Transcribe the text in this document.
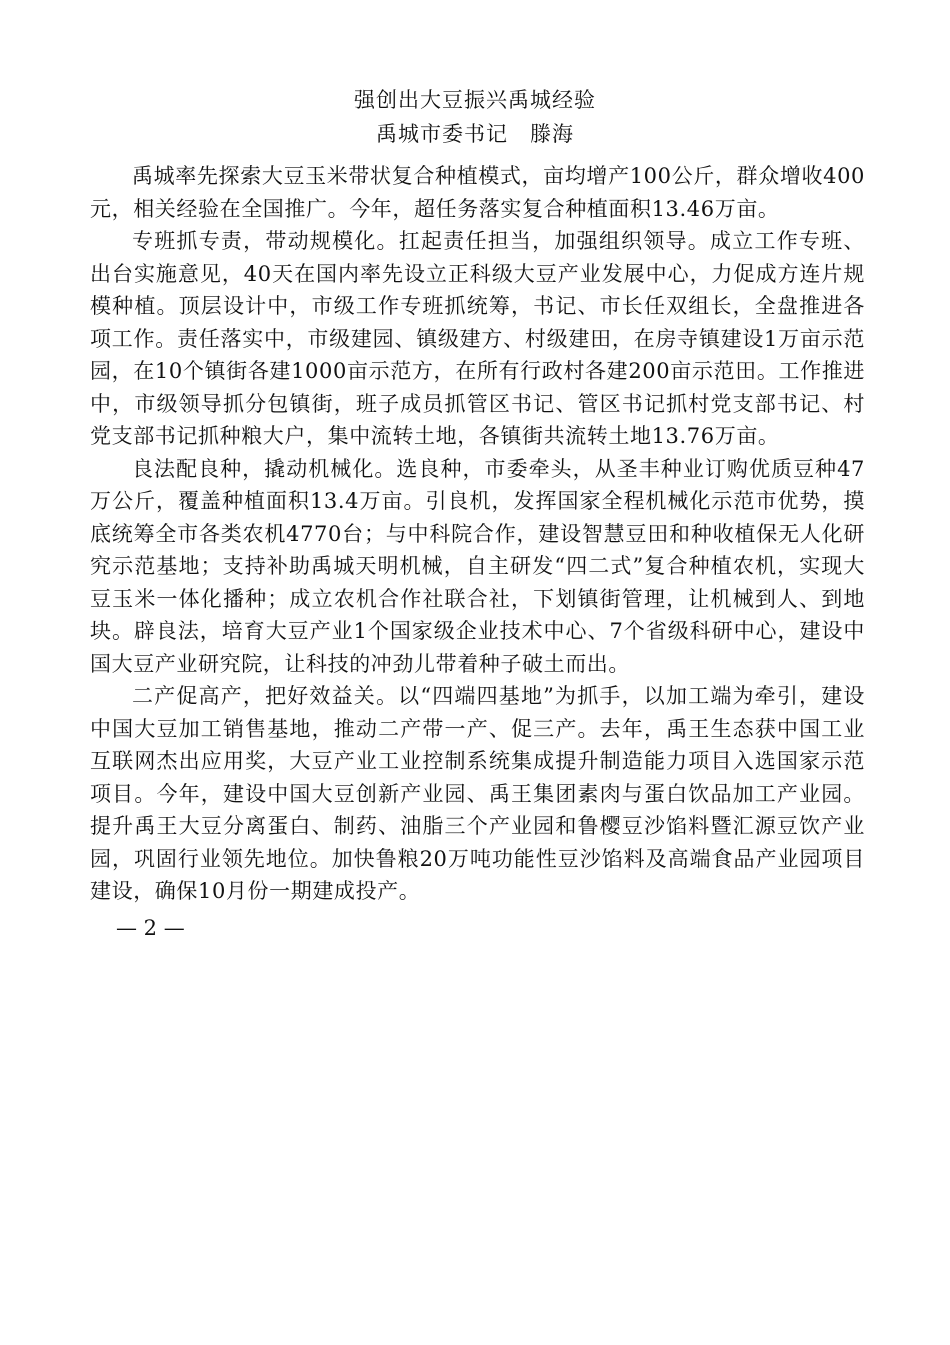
强创出大豆振兴禹城经验
禹城市委书记　滕海

禹城率先探索大豆玉米带状复合种植模式，亩均增产100公斤，群众增收400 元，相关经验在全国推广。今年，超任务落实复合种植面积13.46万亩。

专班抓专责，带动规模化。扛起责任担当，加强组织领导。成立工作专班、出台实施意见，40天在国内率先设立正科级大豆产业发展中心，力促成方连片规模种植。顶层设计中，市级工作专班抓统筹，书记、市长任双组长，全盘推进各项工作。责任落实中，市级建园、镇级建方、村级建田，在房寺镇建设1万亩示范园，在10个镇街各建1000亩示范方，在所有行政村各建200亩示范田。工作推进中，市级领导抓分包镇街，班子成员抓管区书记、管区书记抓村党支部书记、村党支部书记抓种粮大户，集中流转土地，各镇街共流转土地13.76万亩。

良法配良种，撬动机械化。选良种，市委牵头，从圣丰种业订购优质豆种47万公斤，覆盖种植面积13.4万亩。引良机，发挥国家全程机械化示范市优势，摸底统筹全市各类农机4770台；与中科院合作，建设智慧豆田和种收植保无人化研究示范基地；支持补助禹城天明机械，自主研发“四二式”复合种植农机，实现大豆玉米一体化播种；成立农机合作社联合社，下划镇街管理，让机械到人、到地块。辟良法，培育大豆产业1个国家级企业技术中心、7个省级科研中心，建设中国大豆产业研究院，让科技的冲劲儿带着种子破土而出。

二产促高产，把好效益关。以“四端四基地”为抓手，以加工端为牵引，建设中国大豆加工销售基地，推动二产带一产、促三产。去年，禹王生态获中国工业互联网杰出应用奖，大豆产业工业控制系统集成提升制造能力项目入选国家示范项目。今年，建设中国大豆创新产业园、禹王集团素肉与蛋白饮品加工产业园。提升禹王大豆分离蛋白、制药、油脂三个产业园和鲁樱豆沙馅料暨汇源豆饮产业园，巩固行业领先地位。加快鲁粮20万吨功能性豆沙馅料及高端食品产业园项目建设，确保10月份一期建成投产。

— 2 —
